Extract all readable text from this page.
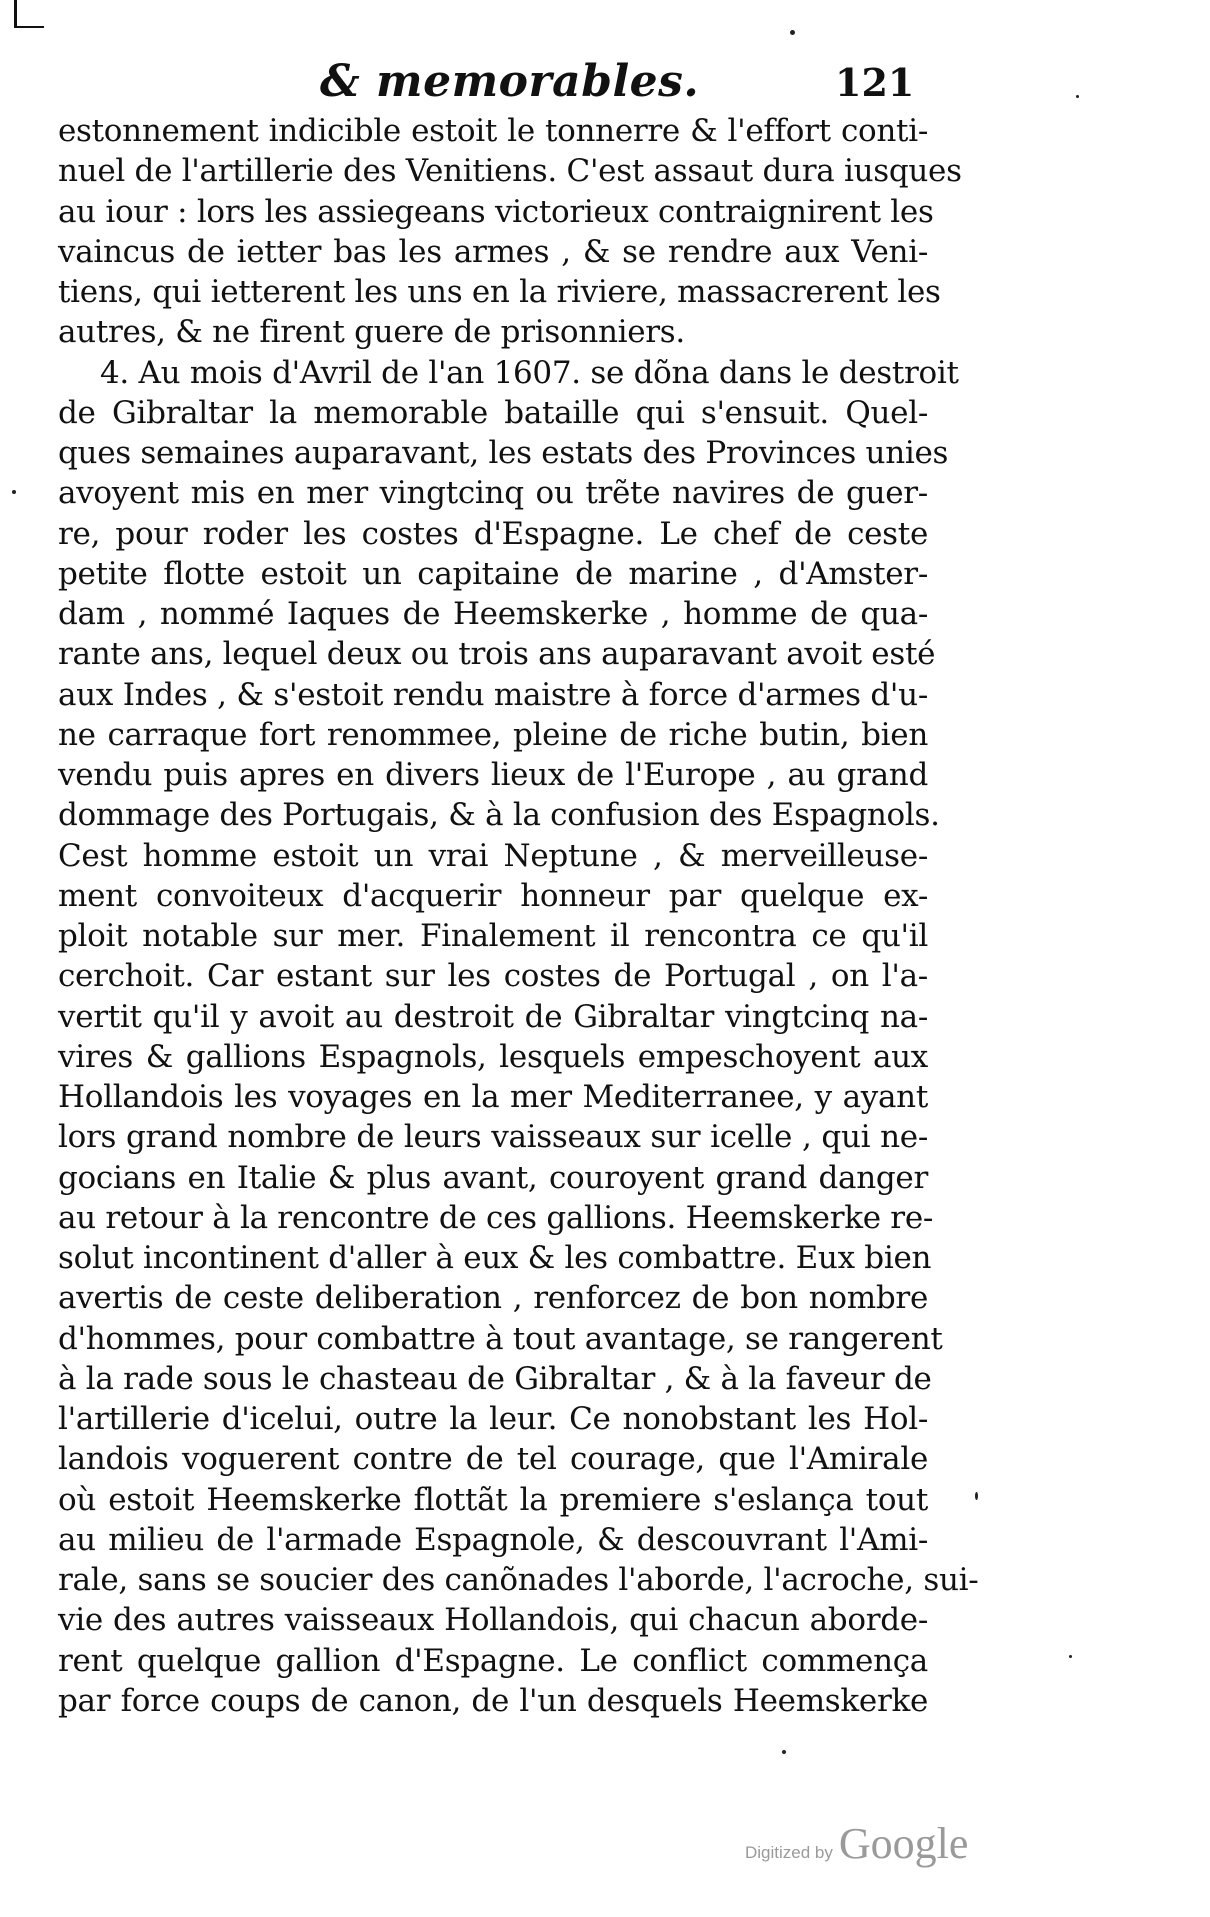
& memorables.	121
estonnement indicible estoit le tonnerre & l'effort conti-
nuel de l'artillerie des Venitiens. C'est assaut dura iusques
au iour : lors les assiegeans victorieux contraignirent les
vaincus de ietter bas les armes , & se rendre aux Veni-
tiens, qui ietterent les uns en la riviere, massacrerent les
autres, & ne firent guere de prisonniers.
4. Au mois d'Avril de l'an 1607. se dõna dans le destroit
de Gibraltar la memorable bataille qui s'ensuit. Quel-
ques semaines auparavant, les estats des Provinces unies
avoyent mis en mer vingtcinq ou trẽte navires de guer-
re, pour roder les costes d'Espagne. Le chef de ceste
petite flotte estoit un capitaine de marine , d'Amster-
dam , nommé Iaques de Heemskerke , homme de qua-
rante ans, lequel deux ou trois ans auparavant avoit esté
aux Indes , & s'estoit rendu maistre à force d'armes d'u-
ne carraque fort renommee, pleine de riche butin, bien
vendu puis apres en divers lieux de l'Europe , au grand
dommage des Portugais, & à la confusion des Espagnols.
Cest homme estoit un vrai Neptune , & merveilleuse-
ment convoiteux d'acquerir honneur par quelque ex-
ploit notable sur mer. Finalement il rencontra ce qu'il
cerchoit. Car estant sur les costes de Portugal , on l'a-
vertit qu'il y avoit au destroit de Gibraltar vingtcinq na-
vires & gallions Espagnols, lesquels empeschoyent aux
Hollandois les voyages en la mer Mediterranee, y ayant
lors grand nombre de leurs vaisseaux sur icelle , qui ne-
gocians en Italie & plus avant, couroyent grand danger
au retour à la rencontre de ces gallions. Heemskerke re-
solut incontinent d'aller à eux & les combattre. Eux bien
avertis de ceste deliberation , renforcez de bon nombre
d'hommes, pour combattre à tout avantage, se rangerent
à la rade sous le chasteau de Gibraltar , & à la faveur de
l'artillerie d'icelui, outre la leur. Ce nonobstant les Hol-
landois voguerent contre de tel courage, que l'Amirale
où estoit Heemskerke flottãt la premiere s'eslança tout
au milieu de l'armade Espagnole, & descouvrant l'Ami-
rale, sans se soucier des canõnades l'aborde, l'acroche, sui-
vie des autres vaisseaux Hollandois, qui chacun aborde-
rent quelque gallion d'Espagne. Le conflict commença
par force coups de canon, de l'un desquels Heemskerke
Digitized by Google
